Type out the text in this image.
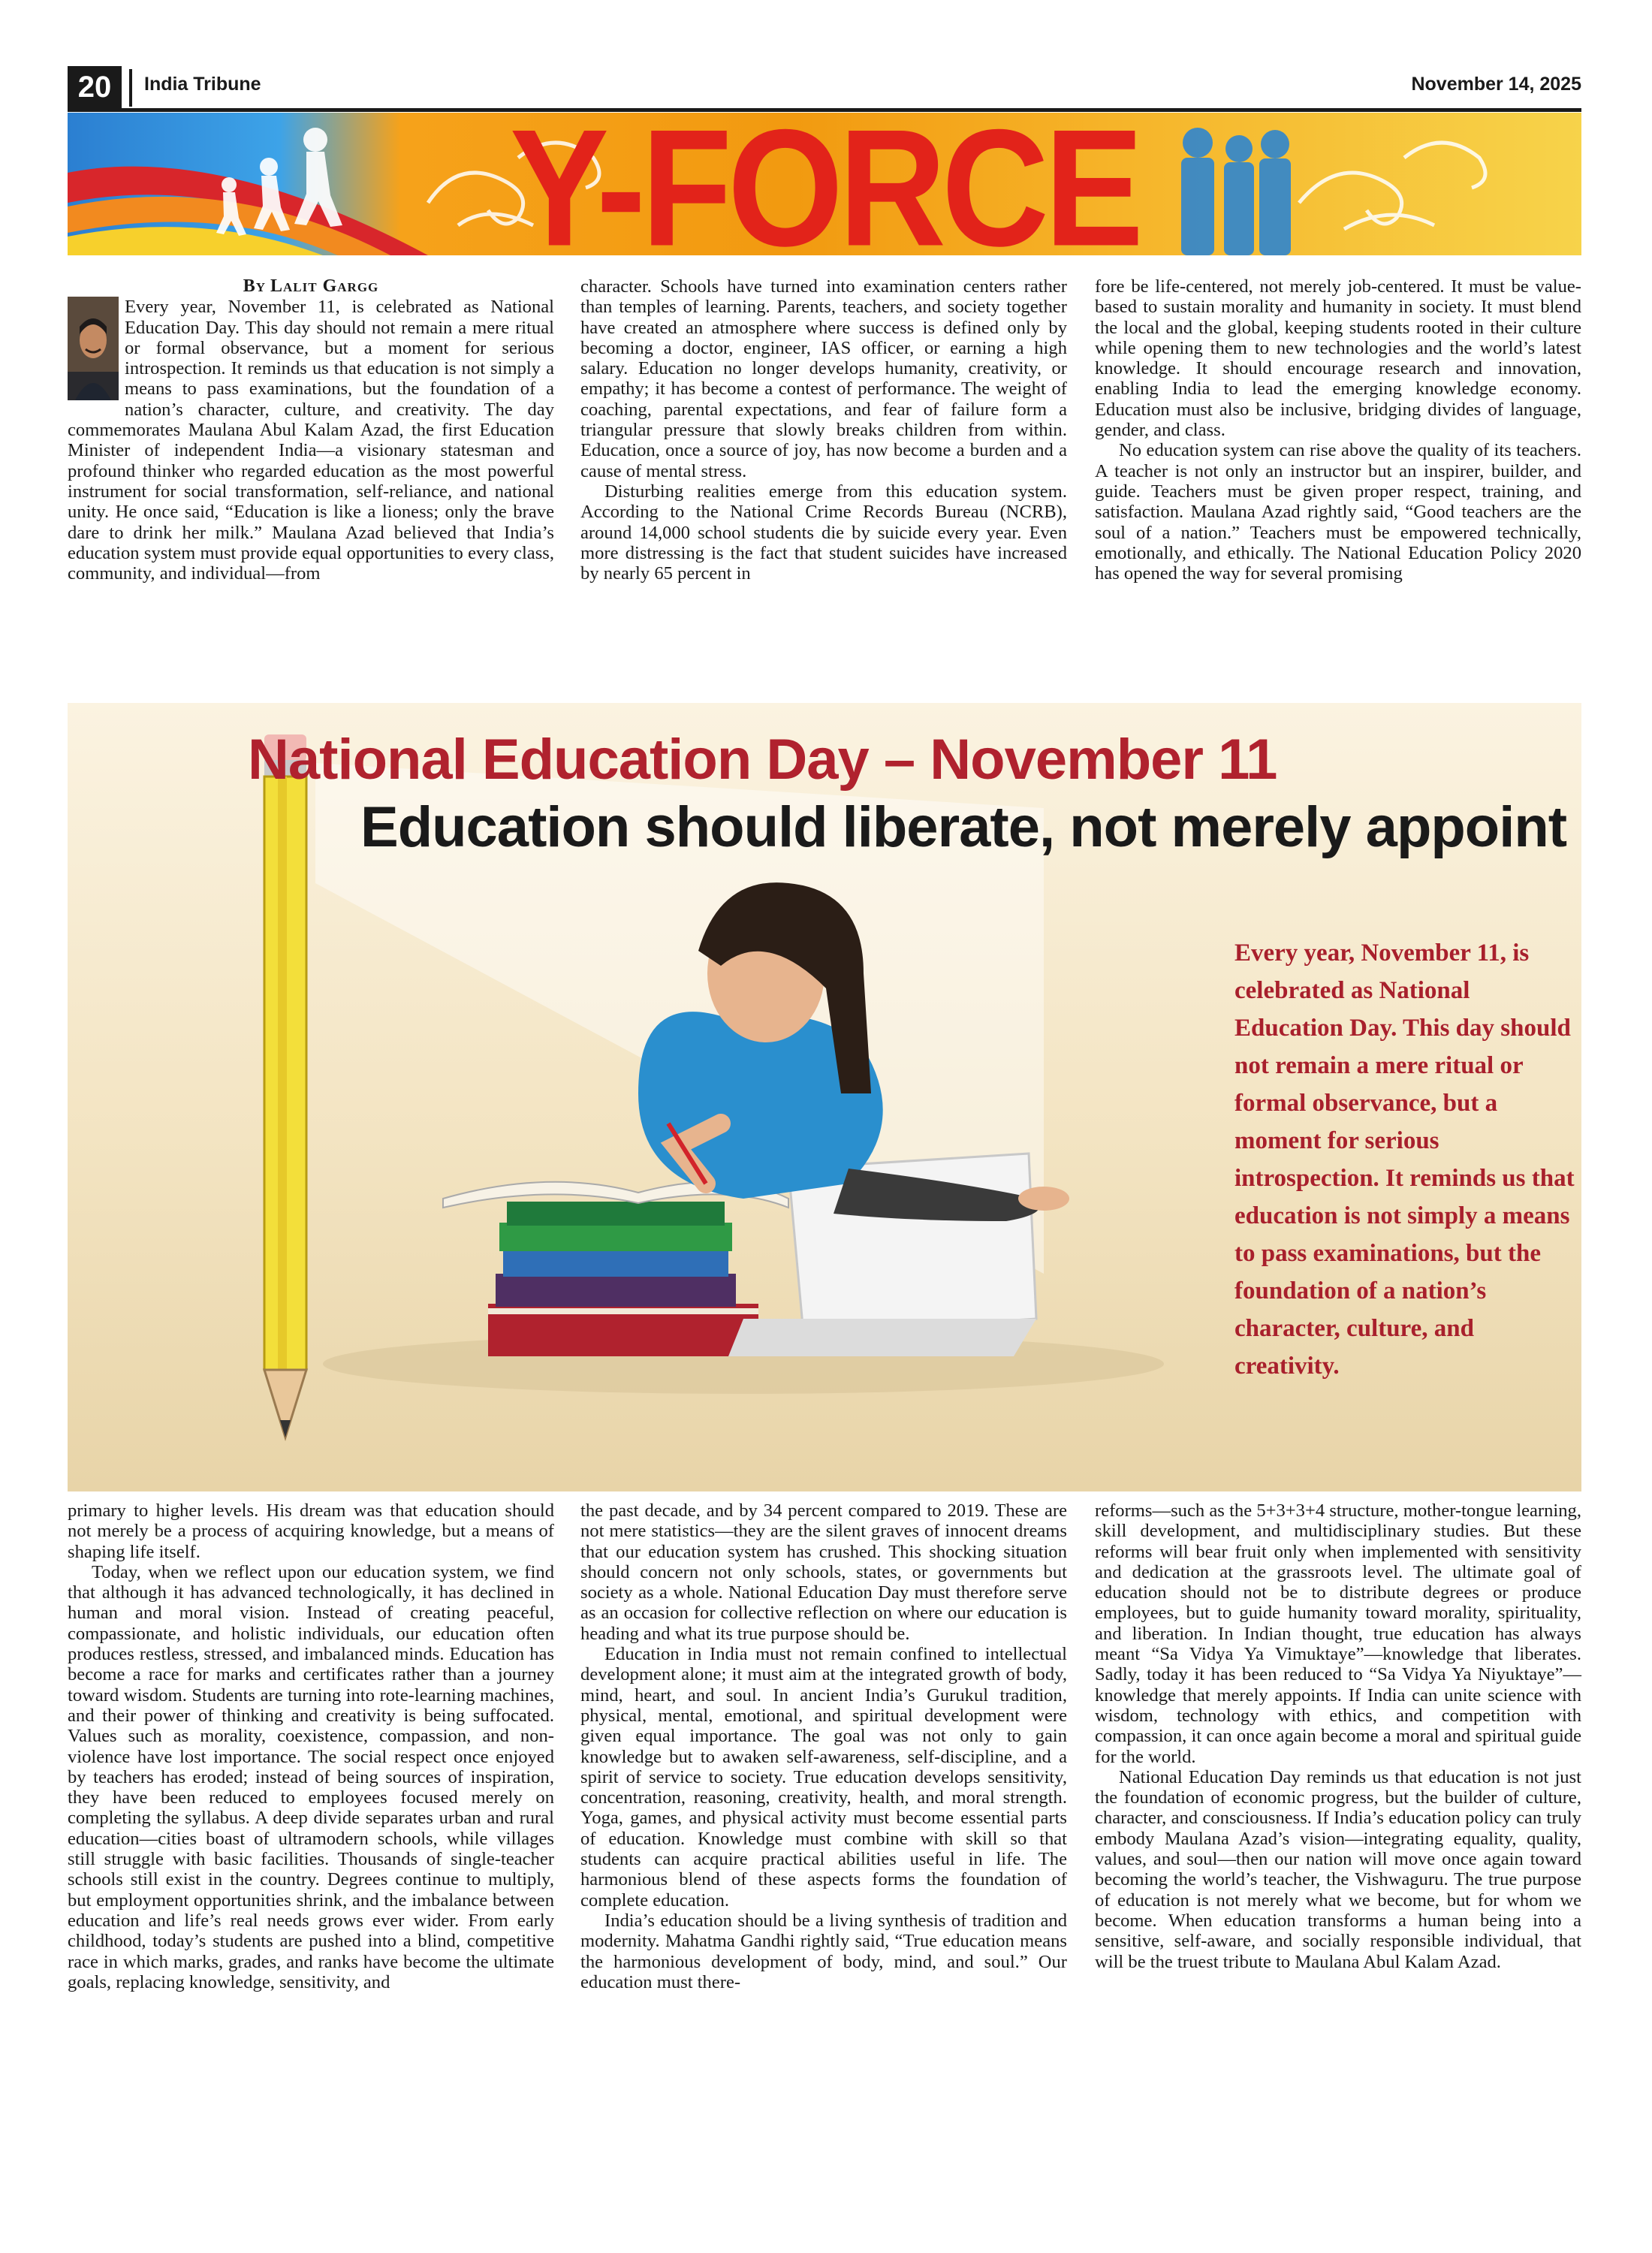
20	India Tribune	November 14, 2025
Y-FORCE
By Lalit Gargg

Every year, November 11, is celebrated as National Education Day. This day should not remain a mere ritual or formal observance, but a moment for serious introspection. It reminds us that education is not simply a means to pass examinations, but the foundation of a nation’s character, culture, and creativity. The day commemorates Maulana Abul Kalam Azad, the first Education Minister of independent India—a visionary statesman and profound thinker who regarded education as the most powerful instrument for social transformation, self-reliance, and national unity. He once said, “Education is like a lioness; only the brave dare to drink her milk.” Maulana Azad believed that India’s education system must provide equal opportunities to every class, community, and individual—from

character. Schools have turned into examination centers rather than temples of learning. Parents, teachers, and society together have created an atmosphere where success is defined only by becoming a doctor, engineer, IAS officer, or earning a high salary. Education no longer develops humanity, creativity, or empathy; it has become a contest of performance. The weight of coaching, parental expectations, and fear of failure form a triangular pressure that slowly breaks children from within. Education, once a source of joy, has now become a burden and a cause of mental stress.

Disturbing realities emerge from this education system. According to the National Crime Records Bureau (NCRB), around 14,000 school students die by suicide every year. Even more distressing is the fact that student suicides have increased by nearly 65 percent in

fore be life-centered, not merely job-centered. It must be value-based to sustain morality and humanity in society. It must blend the local and the global, keeping students rooted in their culture while opening them to new technologies and the world’s latest knowledge. It should encourage research and innovation, enabling India to lead the emerging knowledge economy. Education must also be inclusive, bridging divides of language, gender, and class.

No education system can rise above the quality of its teachers. A teacher is not only an instructor but an inspirer, builder, and guide. Teachers must be given proper respect, training, and satisfaction. Maulana Azad rightly said, “Good teachers are the soul of a nation.” Teachers must be empowered technically, emotionally, and ethically. The National Education Policy 2020 has opened the way for several promising

National Education Day – November 11
Education should liberate, not merely appoint
Every year, November 11, is celebrated as National Education Day. This day should not remain a mere ritual or formal observance, but a moment for serious introspection. It reminds us that education is not simply a means to pass examinations, but the foundation of a nation’s character, culture, and creativity.

primary to higher levels. His dream was that education should not merely be a process of acquiring knowledge, but a means of shaping life itself.

Today, when we reflect upon our education system, we find that although it has advanced technologically, it has declined in human and moral vision. Instead of creating peaceful, compassionate, and holistic individuals, our education often produces restless, stressed, and imbalanced minds. Education has become a race for marks and certificates rather than a journey toward wisdom. Students are turning into rote-learning machines, and their power of thinking and creativity is being suffocated. Values such as morality, coexistence, compassion, and non-violence have lost importance. The social respect once enjoyed by teachers has eroded; instead of being sources of inspiration, they have been reduced to employees focused merely on completing the syllabus. A deep divide separates urban and rural education—cities boast of ultramodern schools, while villages still struggle with basic facilities. Thousands of single-teacher schools still exist in the country. Degrees continue to multiply, but employment opportunities shrink, and the imbalance between education and life’s real needs grows ever wider. From early childhood, today’s students are pushed into a blind, competitive race in which marks, grades, and ranks have become the ultimate goals, replacing knowledge, sensitivity, and

the past decade, and by 34 percent compared to 2019. These are not mere statistics—they are the silent graves of innocent dreams that our education system has crushed. This shocking situation should concern not only schools, states, or governments but society as a whole. National Education Day must therefore serve as an occasion for collective reflection on where our education is heading and what its true purpose should be.

Education in India must not remain confined to intellectual development alone; it must aim at the integrated growth of body, mind, heart, and soul. In ancient India’s Gurukul tradition, physical, mental, emotional, and spiritual development were given equal importance. The goal was not only to gain knowledge but to awaken self-awareness, self-discipline, and a spirit of service to society. True education develops sensitivity, concentration, reasoning, creativity, health, and moral strength. Yoga, games, and physical activity must become essential parts of education. Knowledge must combine with skill so that students can acquire practical abilities useful in life. The harmonious blend of these aspects forms the foundation of complete education.

India’s education should be a living synthesis of tradition and modernity. Mahatma Gandhi rightly said, “True education means the harmonious development of body, mind, and soul.” Our education must there-

reforms—such as the 5+3+3+4 structure, mother-tongue learning, skill development, and multidisciplinary studies. But these reforms will bear fruit only when implemented with sensitivity and dedication at the grassroots level. The ultimate goal of education should not be to distribute degrees or produce employees, but to guide humanity toward morality, spirituality, and liberation. In Indian thought, true education has always meant “Sa Vidya Ya Vimuktaye”—knowledge that liberates. Sadly, today it has been reduced to “Sa Vidya Ya Niyuktaye”—knowledge that merely appoints. If India can unite science with wisdom, technology with ethics, and competition with compassion, it can once again become a moral and spiritual guide for the world.

National Education Day reminds us that education is not just the foundation of economic progress, but the builder of culture, character, and consciousness. If India’s education policy can truly embody Maulana Azad’s vision—integrating equality, quality, values, and soul—then our nation will move once again toward becoming the world’s teacher, the Vishwaguru. The true purpose of education is not merely what we become, but for whom we become. When education transforms a human being into a sensitive, self-aware, and socially responsible individual, that will be the truest tribute to Maulana Abul Kalam Azad.
